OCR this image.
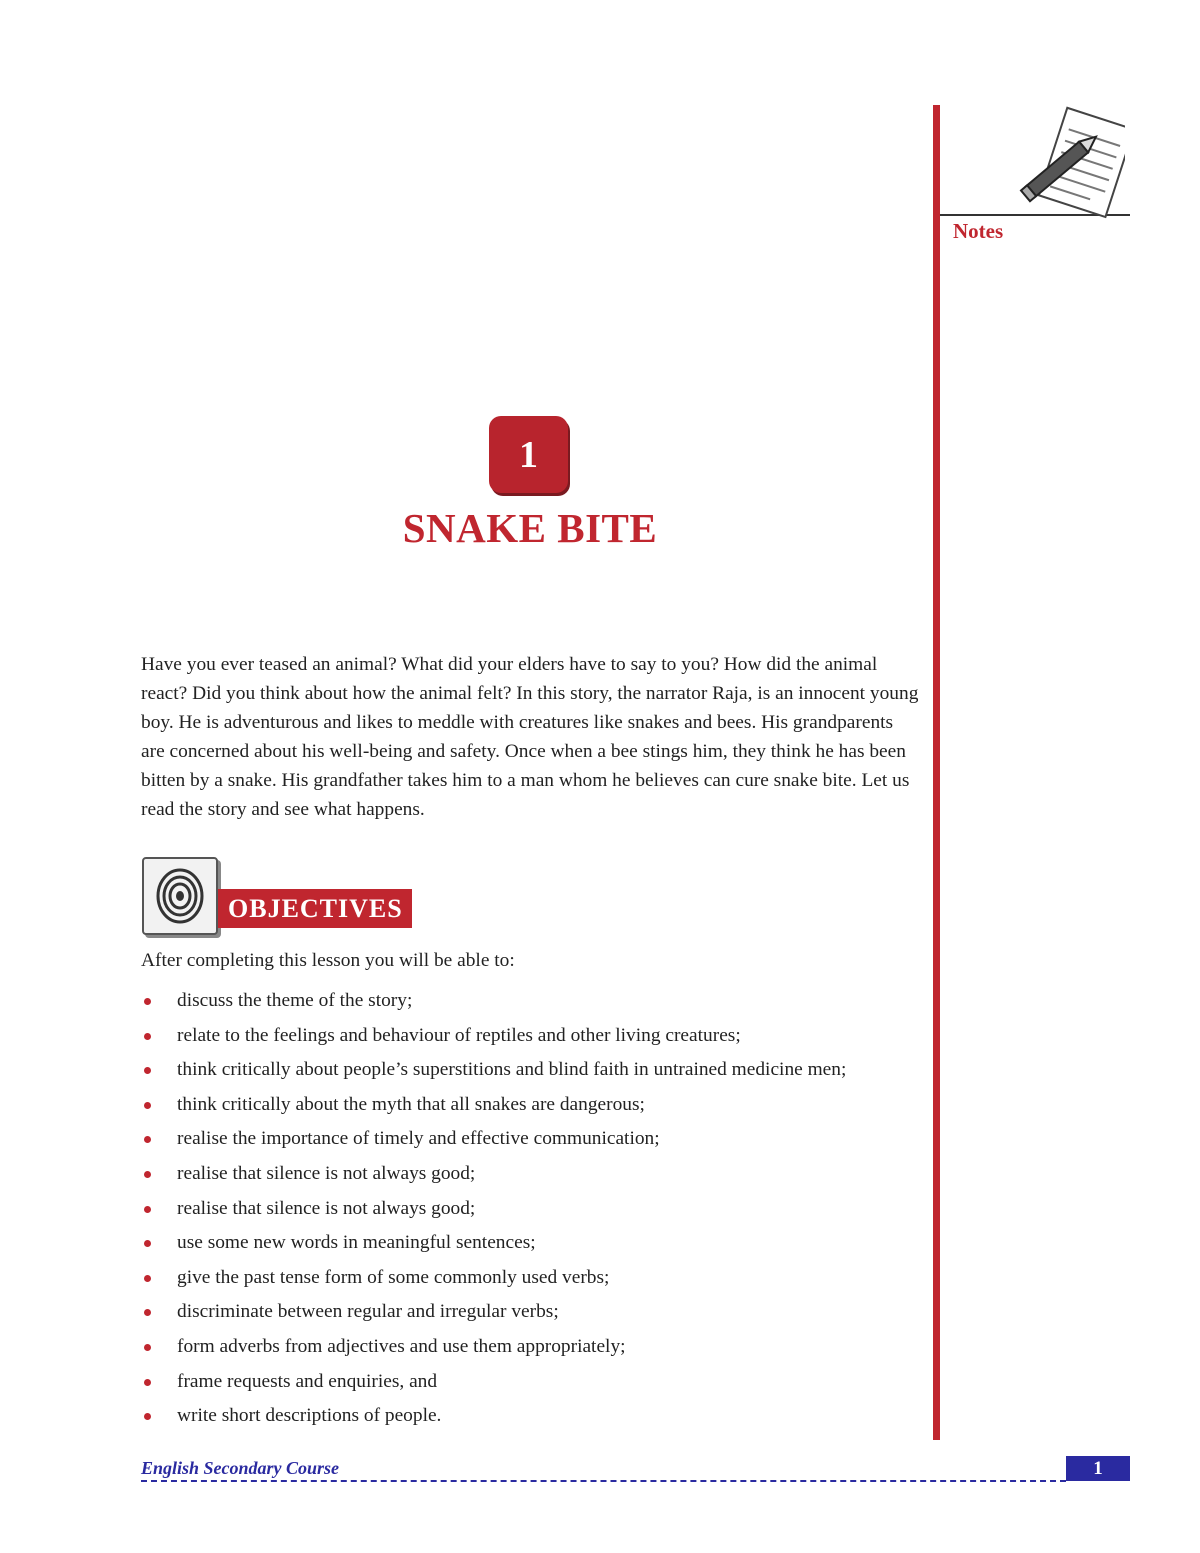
Notes
1
SNAKE BITE

Have you ever teased an animal? What did your elders have to say to you? How did the animal react? Did you think about how the animal felt? In this story, the narrator Raja, is an innocent young boy. He is adventurous and likes to meddle with creatures like snakes and bees. His grandparents are concerned about his well-being and safety. Once when a bee stings him, they think he has been bitten by a snake. His grandfather takes him to a man whom he believes can cure snake bite. Let us read the story and see what happens.

OBJECTIVES

After completing this lesson you will be able to:

discuss the theme of the story;
relate to the feelings and behaviour of reptiles and other living creatures;
think critically about people’s superstitions and blind faith in untrained medicine men;
think critically about the myth that all snakes are dangerous;
realise the importance of timely and effective communication;
realise that silence is not always good;
realise that silence is not always good;
use some new words in meaningful sentences;
give the past tense form of some commonly used verbs;
discriminate between regular and irregular verbs;
form adverbs from adjectives and use them appropriately;
frame requests and enquiries, and
write short descriptions of people.
English Secondary Course	1
